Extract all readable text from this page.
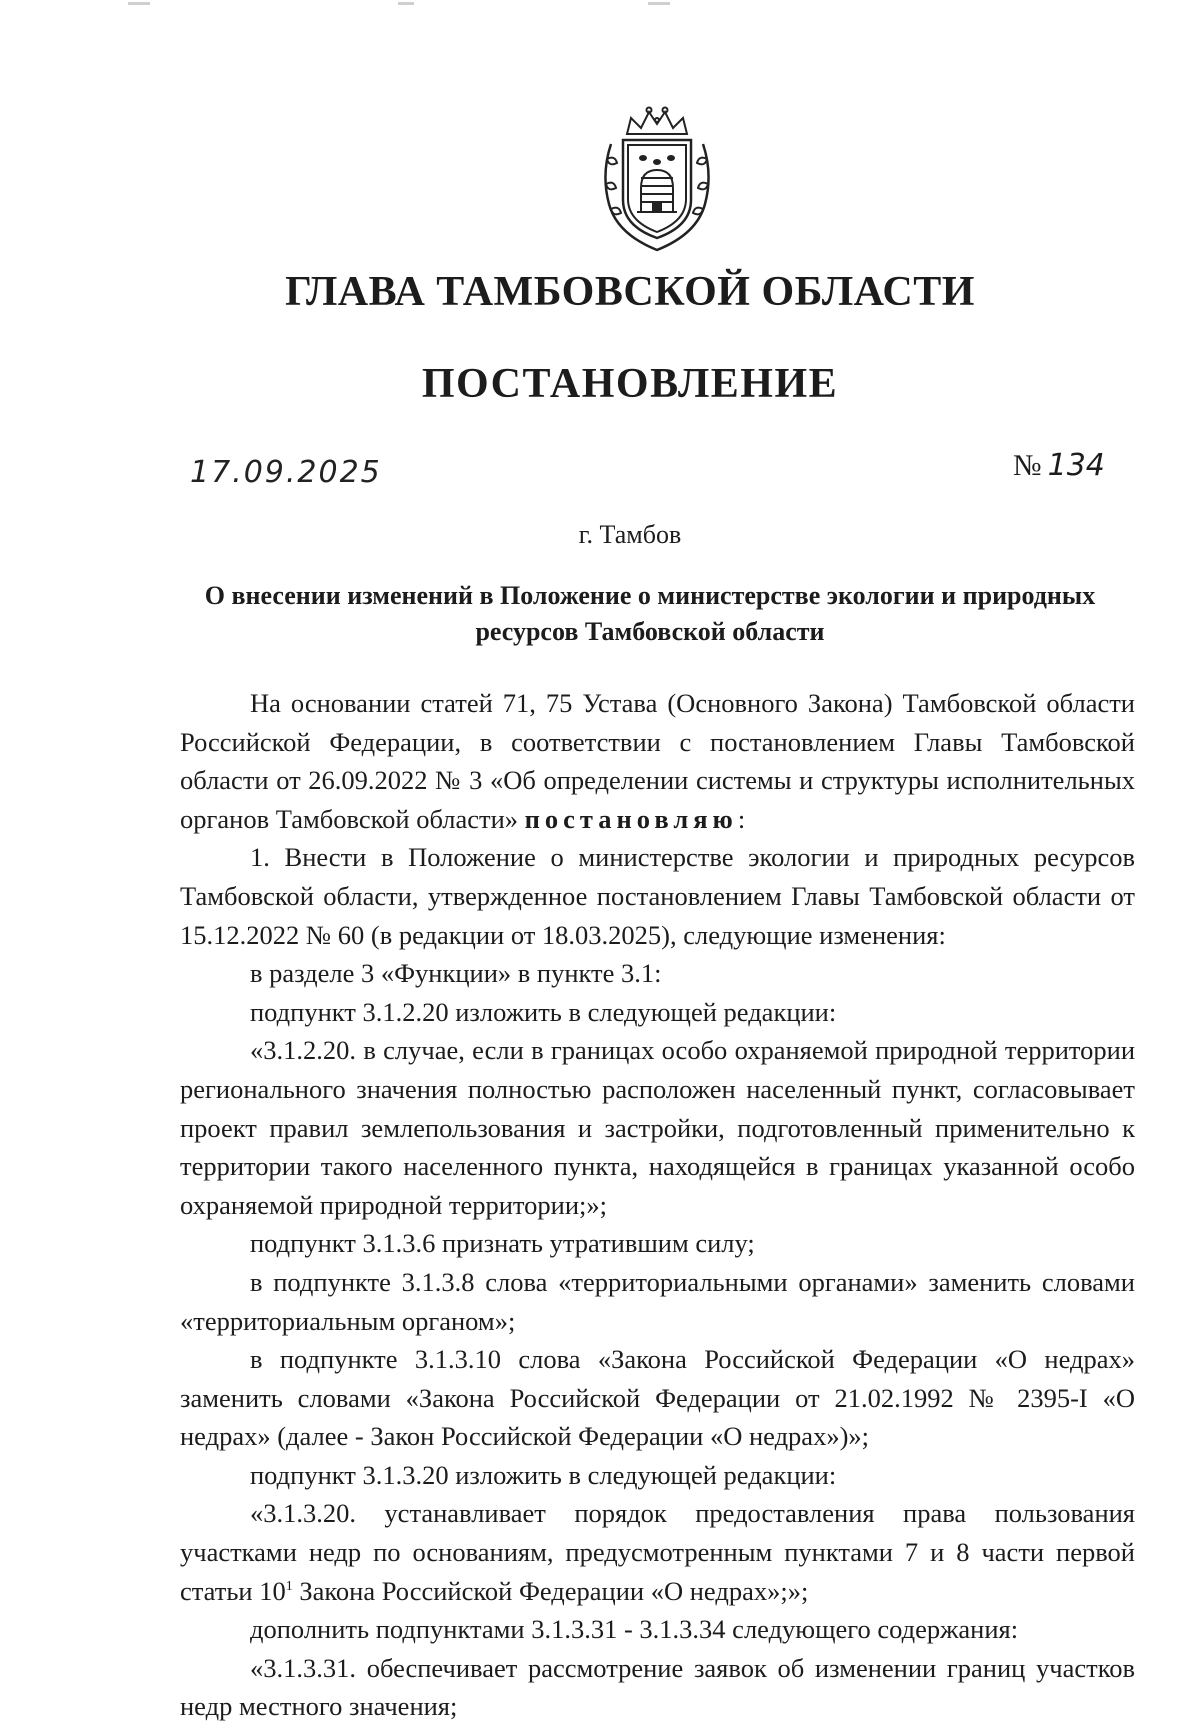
ГЛАВА ТАМБОВСКОЙ ОБЛАСТИ
ПОСТАНОВЛЕНИЕ
17.09.2025	№ 134
г. Тамбов
О внесении изменений в Положение о министерстве экологии и природных
ресурсов Тамбовской области

На основании статей 71, 75 Устава (Основного Закона) Тамбовской области Российской Федерации, в соответствии с постановлением Главы Тамбовской области от 26.09.2022 № 3 «Об определении системы и структуры исполнительных органов Тамбовской области» постановляю:

1. Внести в Положение о министерстве экологии и природных ресурсов Тамбовской области, утвержденное постановлением Главы Тамбовской области от 15.12.2022 № 60 (в редакции от 18.03.2025), следующие изменения:

в разделе 3 «Функции» в пункте 3.1:

подпункт 3.1.2.20 изложить в следующей редакции:

«3.1.2.20. в случае, если в границах особо охраняемой природной территории регионального значения полностью расположен населенный пункт, согласовывает проект правил землепользования и застройки, подготовленный применительно к территории такого населенного пункта, находящейся в границах указанной особо охраняемой природной территории;»;

подпункт 3.1.3.6 признать утратившим силу;

в подпункте 3.1.3.8 слова «территориальными органами» заменить словами «территориальным органом»;

в подпункте 3.1.3.10 слова «Закона Российской Федерации «О недрах» заменить словами «Закона Российской Федерации от 21.02.1992 № 2395-I «О недрах» (далее - Закон Российской Федерации «О недрах»)»;

подпункт 3.1.3.20 изложить в следующей редакции:

«3.1.3.20. устанавливает порядок предоставления права пользования участками недр по основаниям, предусмотренным пунктами 7 и 8 части первой статьи $10^1$ Закона Российской Федерации «О недрах»;»;

дополнить подпунктами 3.1.3.31 - 3.1.3.34 следующего содержания:

«3.1.3.31. обеспечивает рассмотрение заявок об изменении границ участков недр местного значения;
